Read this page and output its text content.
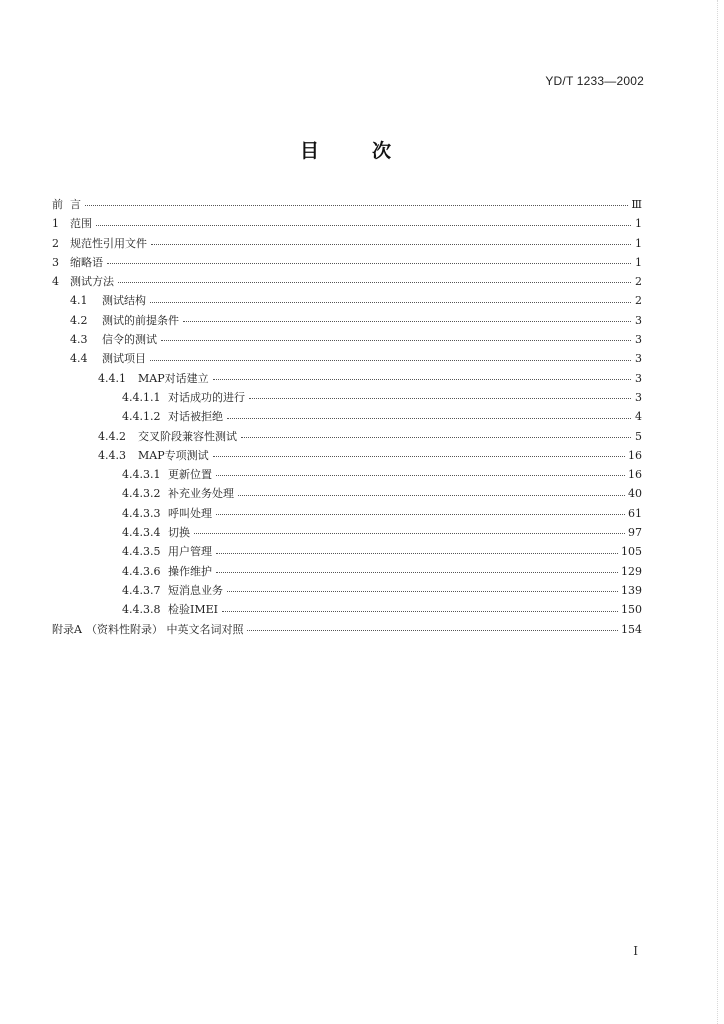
YD/T 1233—2002
目	次
前 言	Ⅲ
1	范围	1
2	规范性引用文件	1
3	缩略语	1
4	测试方法	2
4.1	测试结构	2
4.2	测试的前提条件	3
4.3	信令的测试	3
4.4	测试项目	3
4.4.1	MAP对话建立	3
4.4.1.1 对话成功的进行	3
4.4.1.2 对话被拒绝	4
4.4.2	交叉阶段兼容性测试	5
4.4.3	MAP专项测试	16
4.4.3.1 更新位置	16
4.4.3.2 补充业务处理	40
4.4.3.3 呼叫处理	61
4.4.3.4 切换	97
4.4.3.5 用户管理	105
4.4.3.6 操作维护	129
4.4.3.7 短消息业务	139
4.4.3.8 检验IMEI	150
附录A （资料性附录） 中英文名词对照	154
I
